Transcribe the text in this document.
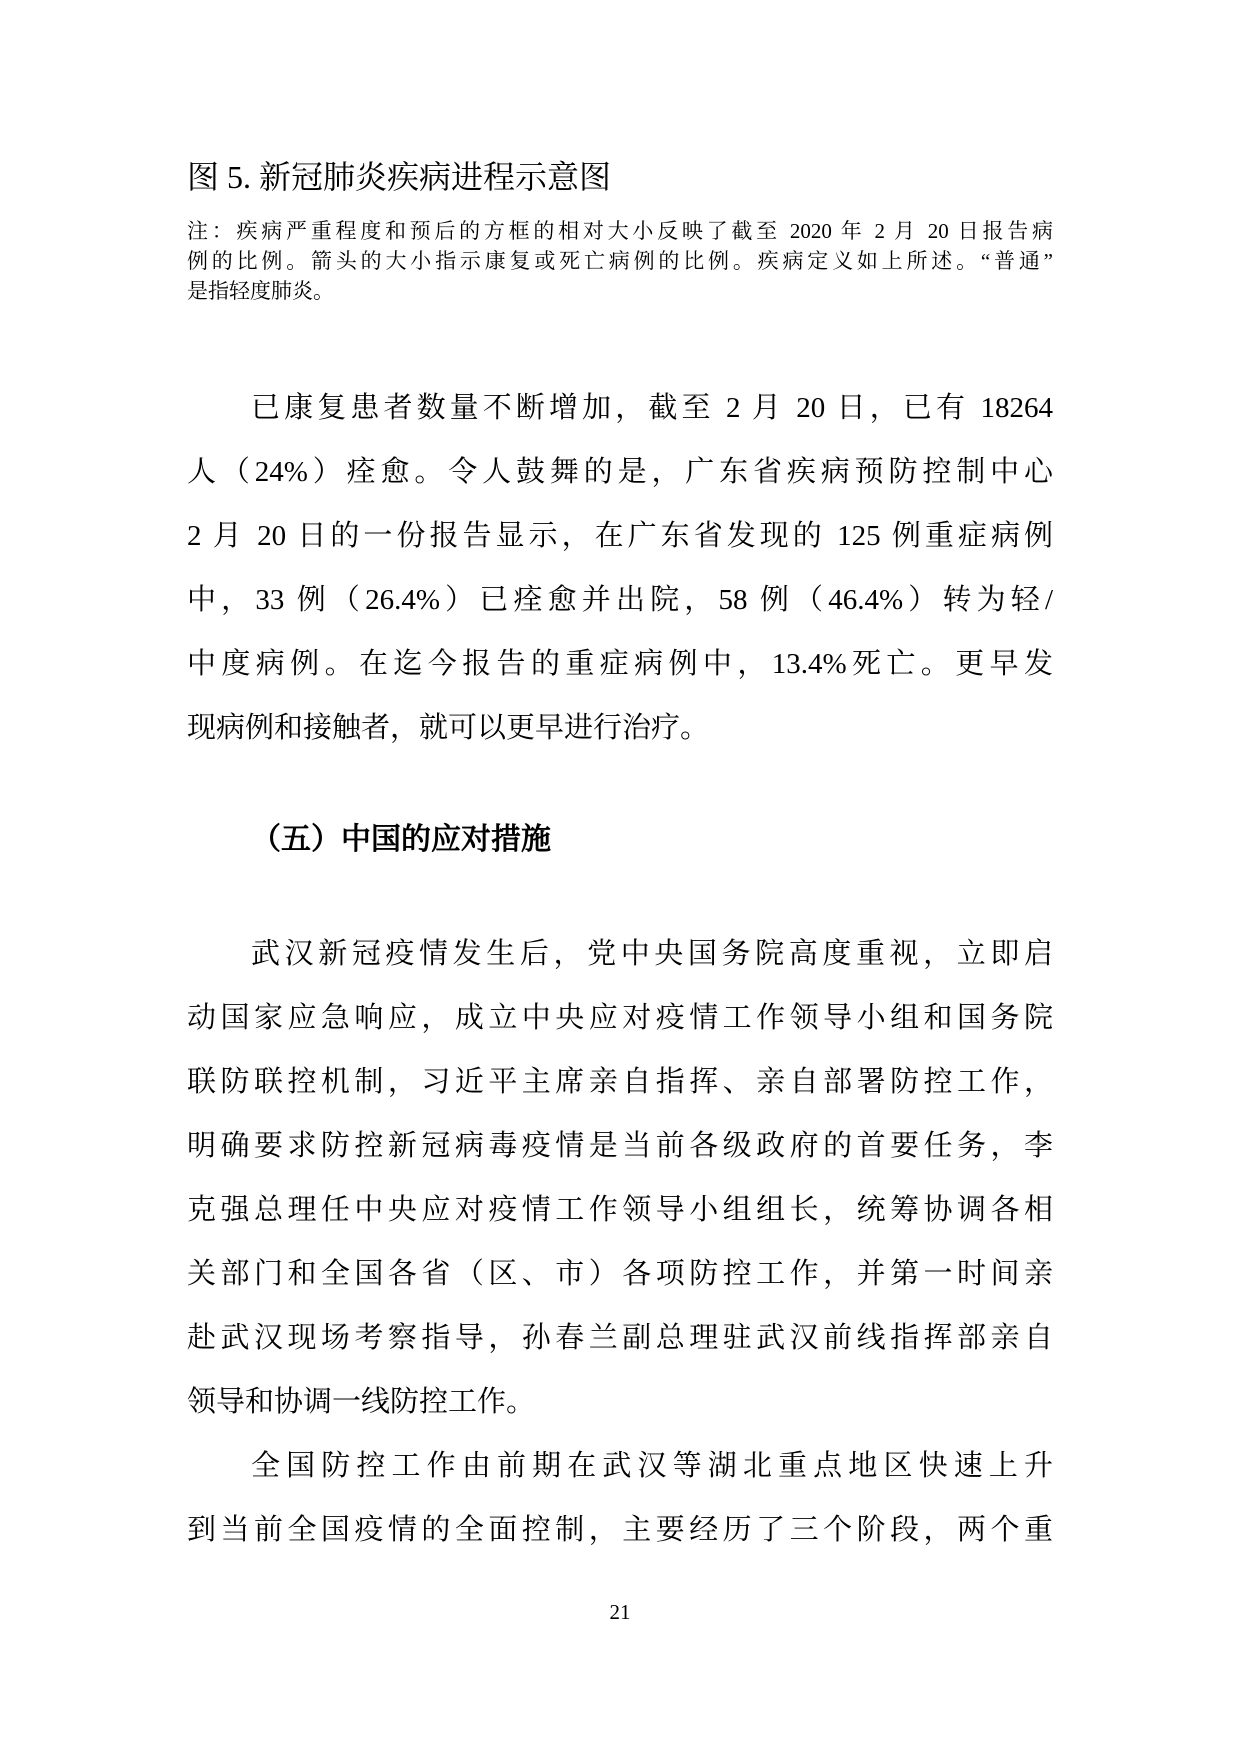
图 5. 新冠肺炎疾病进程示意图
注：疾病严重程度和预后的方框的相对大小反映了截至 2020 年 2 月 20 日报告病
例的比例。箭头的大小指示康复或死亡病例的比例。疾病定义如上所述。“普通”
是指轻度肺炎。
已康复患者数量不断增加，截至 2 月 20 日，已有 18264
人（24%）痊愈。令人鼓舞的是，广东省疾病预防控制中心
2 月 20 日的一份报告显示，在广东省发现的 125 例重症病例
中，33 例（26.4%）已痊愈并出院，58 例（46.4%）转为轻/
中度病例。在迄今报告的重症病例中，13.4%死亡。更早发
现病例和接触者，就可以更早进行治疗。
（五）中国的应对措施
武汉新冠疫情发生后，党中央国务院高度重视，立即启
动国家应急响应，成立中央应对疫情工作领导小组和国务院
联防联控机制，习近平主席亲自指挥、亲自部署防控工作，
明确要求防控新冠病毒疫情是当前各级政府的首要任务，李
克强总理任中央应对疫情工作领导小组组长，统筹协调各相
关部门和全国各省（区、市）各项防控工作，并第一时间亲
赴武汉现场考察指导，孙春兰副总理驻武汉前线指挥部亲自
领导和协调一线防控工作。
全国防控工作由前期在武汉等湖北重点地区快速上升
到当前全国疫情的全面控制，主要经历了三个阶段，两个重
21
